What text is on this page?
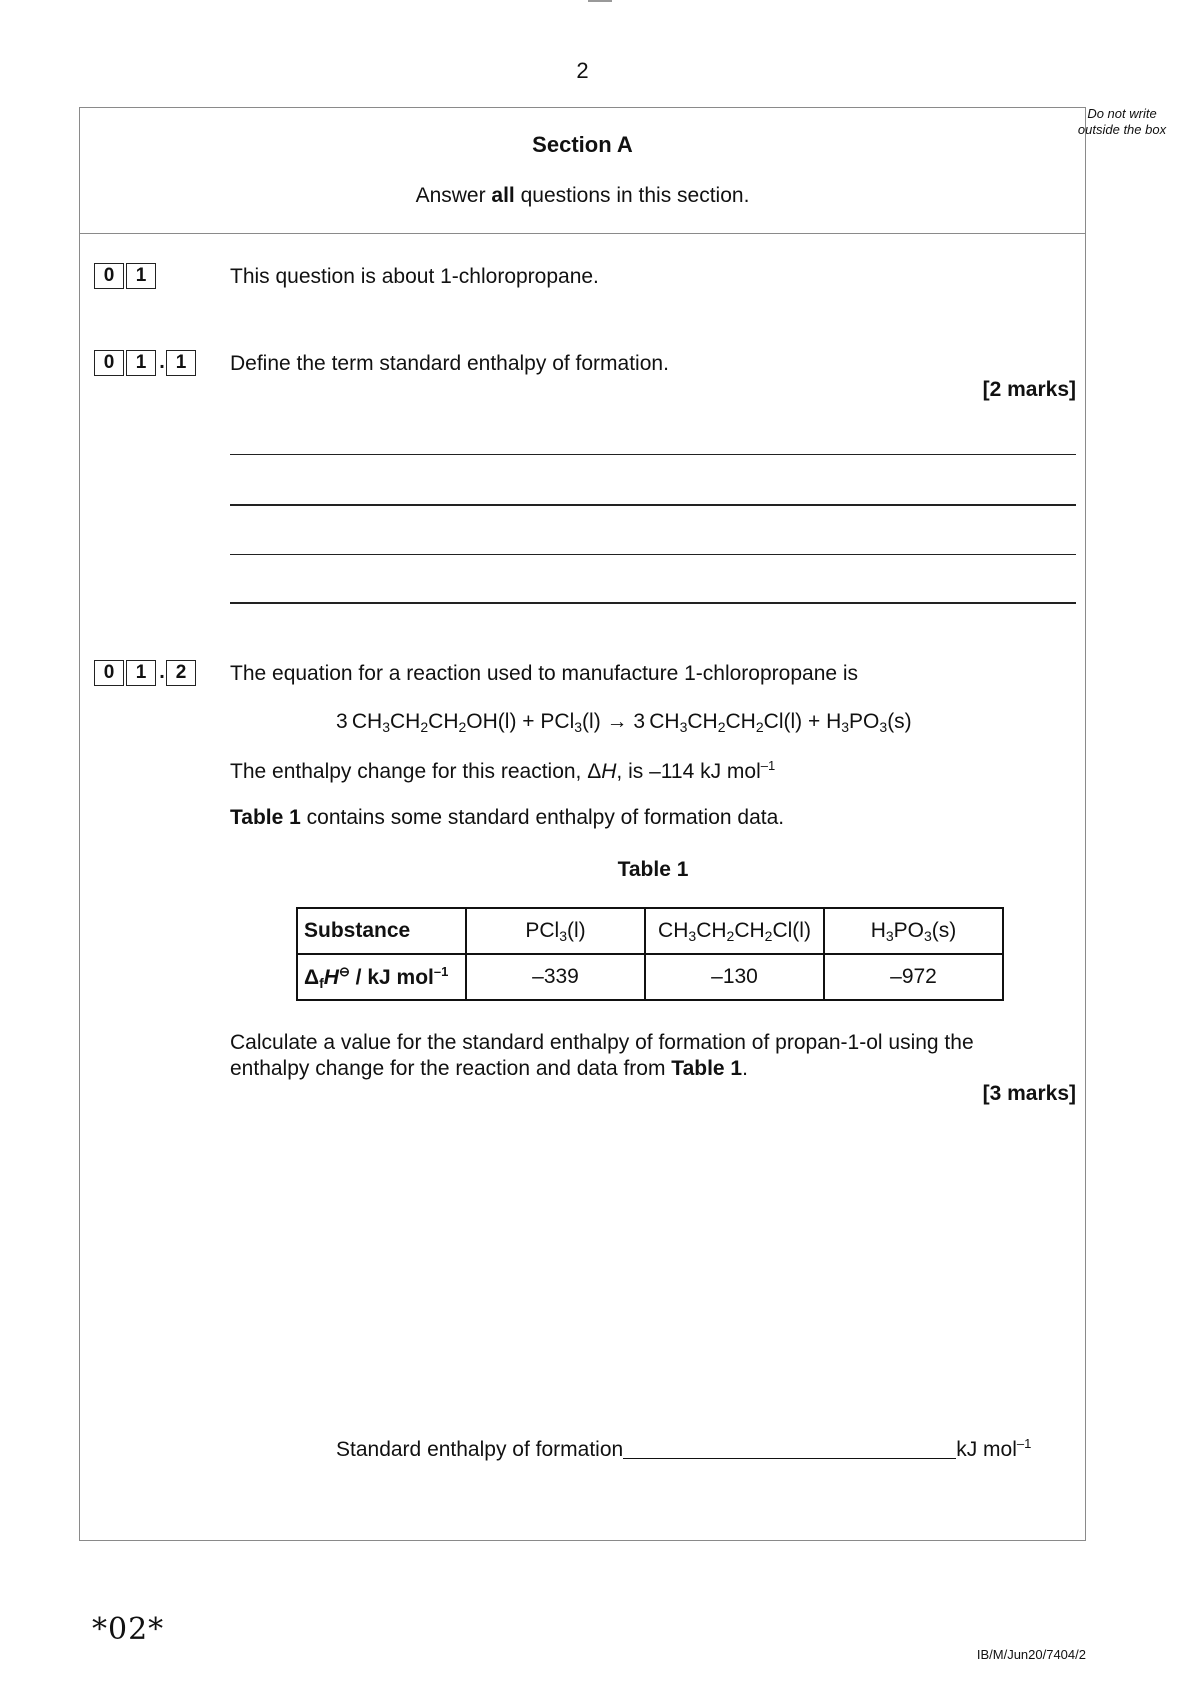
2
Do not write outside the box
Section A
Answer all questions in this section.
0 1	This question is about 1-chloropropane.
0 1 . 1	Define the term standard enthalpy of formation.
[2 marks]
0 1 . 2	The equation for a reaction used to manufacture 1-chloropropane is
3 $CH_3CH_2CH_2OH(l) + PCl_3(l) \to 3$ $CH_3CH_2CH_2Cl(l) + H_3PO_3(s)$
The enthalpy change for this reaction, ΔH, is –114 kJ mol$^{-1}$
Table 1 contains some standard enthalpy of formation data.
Table 1
Substance	PCl$_3$(l)	$CH_3CH_2CH_2Cl(l)$	$H_3PO_3(s)$
$\Delta_fH^⊖$ / kJ mol$^{-1}$	–339	–130	–972
Calculate a value for the standard enthalpy of formation of propan-1-ol using the
enthalpy change for the reaction and data from Table 1.
[3 marks]
Standard enthalpy of formation	kJ mol$^{-1}$
*02*
IB/M/Jun20/7404/2
